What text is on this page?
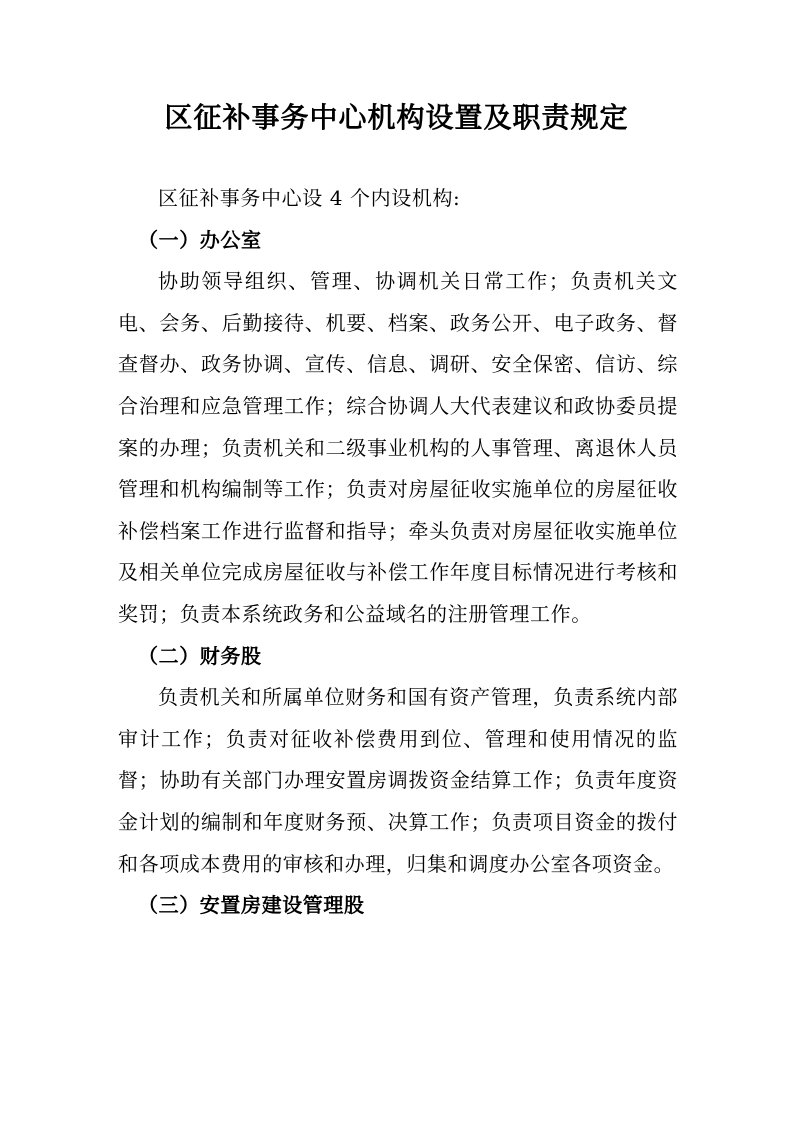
区征补事务中心机构设置及职责规定

区征补事务中心设 4 个内设机构:

（一）办公室

协助领导组织、管理、协调机关日常工作；负责机关文电、会务、后勤接待、机要、档案、政务公开、电子政务、督查督办、政务协调、宣传、信息、调研、安全保密、信访、综合治理和应急管理工作；综合协调人大代表建议和政协委员提案的办理；负责机关和二级事业机构的人事管理、离退休人员管理和机构编制等工作；负责对房屋征收实施单位的房屋征收补偿档案工作进行监督和指导；牵头负责对房屋征收实施单位及相关单位完成房屋征收与补偿工作年度目标情况进行考核和奖罚；负责本系统政务和公益域名的注册管理工作。

（二）财务股

负责机关和所属单位财务和国有资产管理，负责系统内部审计工作；负责对征收补偿费用到位、管理和使用情况的监督；协助有关部门办理安置房调拨资金结算工作；负责年度资金计划的编制和年度财务预、决算工作；负责项目资金的拨付和各项成本费用的审核和办理，归集和调度办公室各项资金。

（三）安置房建设管理股
